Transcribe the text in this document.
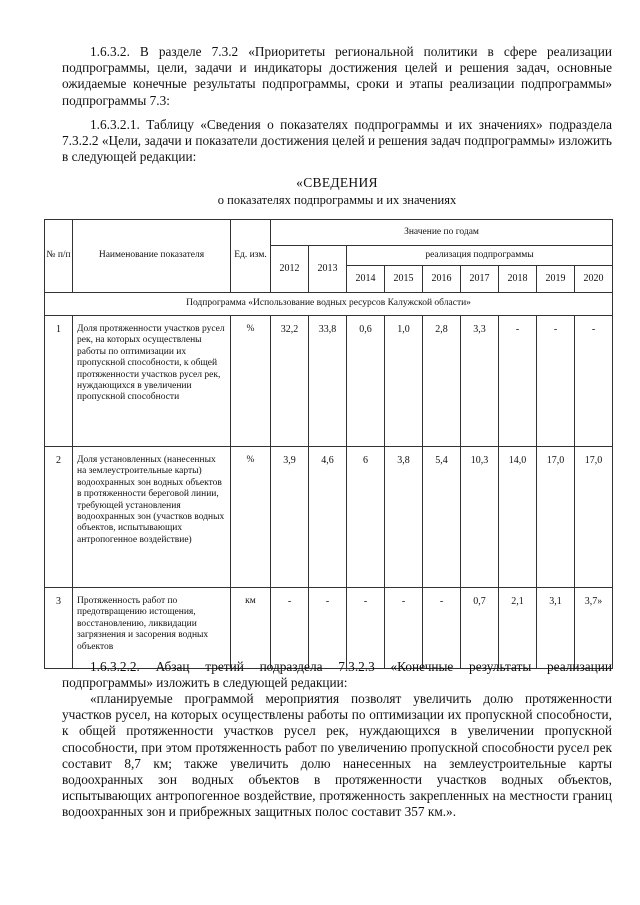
1.6.3.2. В разделе 7.3.2 «Приоритеты региональной политики в сфере реализации подпрограммы, цели, задачи и индикаторы достижения целей и решения задач, основные ожидаемые конечные результаты подпрограммы, сроки и этапы реализации подпрограммы» подпрограммы 7.3:
1.6.3.2.1. Таблицу «Сведения о показателях подпрограммы и их значениях» подраздела 7.3.2.2 «Цели, задачи и показатели достижения целей и решения задач подпрограммы» изложить в следующей редакции:
«СВЕДЕНИЯ
о показателях подпрограммы и их значениях
№ п/п	Наименование показателя	Ед. изм.	Значение по годам								
			2012	2013	реализация подпрограммы						
					2014	2015	2016	2017	2018	2019	2020
Подпрограмма «Использование водных ресурсов Калужской области»											
1	Доля протяженности участков русел рек, на которых осуществлены работы по оптимизации их пропускной способности, к общей протяженности участков русел рек, нуждающихся в увеличении пропускной способности	%	32,2	33,8	0,6	1,0	2,8	3,3	-	-	-
2	Доля установленных (нанесенных на землеустроительные карты) водоохранных зон водных объектов в протяженности береговой линии, требующей установления водоохранных зон (участков водных объектов, испытывающих антропогенное воздействие)	%	3,9	4,6	6	3,8	5,4	10,3	14,0	17,0	17,0
3	Протяженность работ по предотвращению истощения, восстановлению, ликвидации загрязнения и засорения водных объектов	км	-	-	-	-	-	0,7	2,1	3,1	3,7»
1.6.3.2.2. Абзац третий подраздела 7.3.2.3 «Конечные результаты реализации подпрограммы» изложить в следующей редакции:
«планируемые программой мероприятия позволят увеличить долю протяженности участков русел, на которых осуществлены работы по оптимизации их пропускной способности, к общей протяженности участков русел рек, нуждающихся в увеличении пропускной способности, при этом протяженность работ по увеличению пропускной способности русел рек составит 8,7 км; также увеличить долю нанесенных на землеустроительные карты водоохранных зон водных объектов в протяженности участков водных объектов, испытывающих антропогенное воздействие, протяженность закрепленных на местности границ водоохранных зон и прибрежных защитных полос составит 357 км.».
